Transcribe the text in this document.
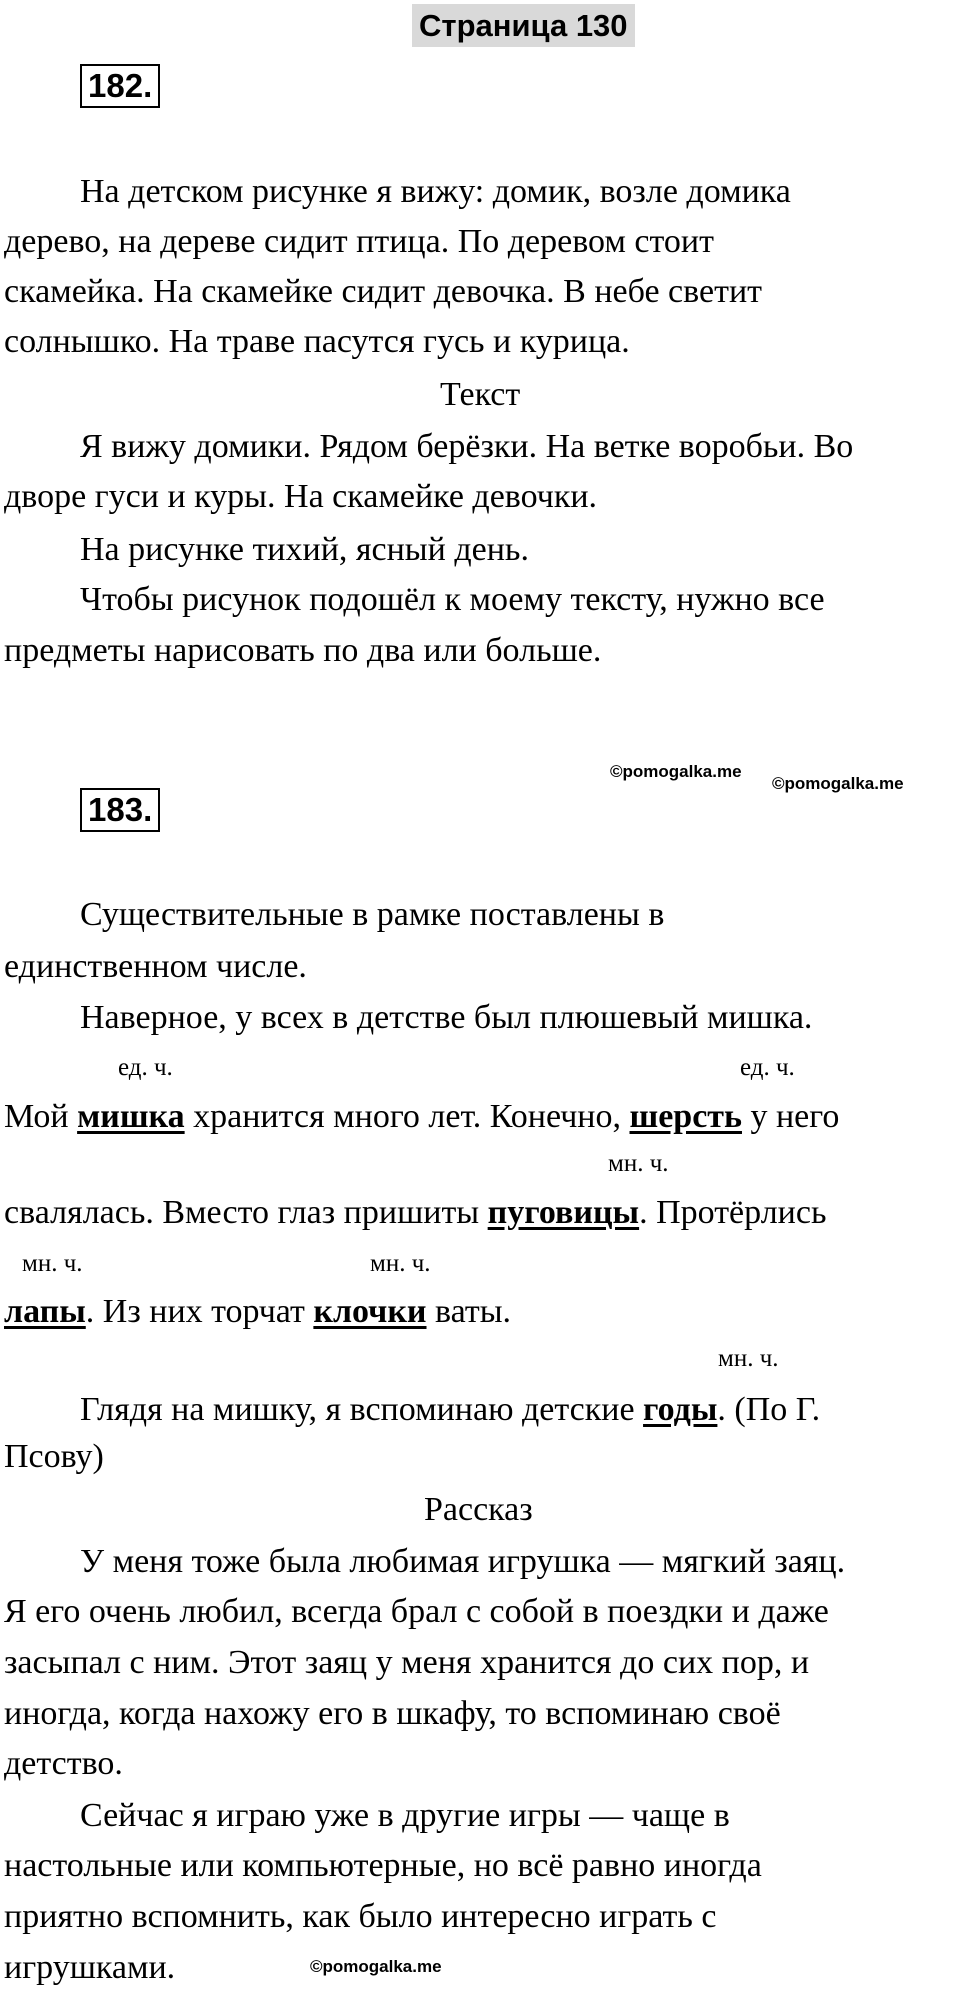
Страница 130
182.
На детском рисунке я вижу: домик, возле домика
дерево, на дереве сидит птица. По деревом стоит
скамейка. На скамейке сидит девочка. В небе светит
солнышко. На траве пасутся гусь и курица.
Текст
Я вижу домики. Рядом берёзки. На ветке воробьи. Во
дворе гуси и куры. На скамейке девочки.
На рисунке тихий, ясный день.
Чтобы рисунок подошёл к моему тексту, нужно все
предметы нарисовать по два или больше.
©pomogalka.me
©pomogalka.me
183.
Существительные в рамке поставлены в
единственном числе.
Наверное, у всех в детстве был плюшевый мишка.
ед. ч.	ед. ч.
Мой мишка хранится много лет. Конечно, шерсть у него
мн. ч.
свалялась. Вместо глаз пришиты пуговицы. Протёрлись
мн. ч.	мн. ч.
лапы. Из них торчат клочки ваты.
мн. ч.
Глядя на мишку, я вспоминаю детские годы. (По Г.
Псову)
Рассказ
У меня тоже была любимая игрушка — мягкий заяц.
Я его очень любил, всегда брал с собой в поездки и даже
засыпал с ним. Этот заяц у меня хранится до сих пор, и
иногда, когда нахожу его в шкафу, то вспоминаю своё
детство.
Сейчас я играю уже в другие игры — чаще в
настольные или компьютерные, но всё равно иногда
приятно вспомнить, как было интересно играть с
игрушками.	©pomogalka.me
